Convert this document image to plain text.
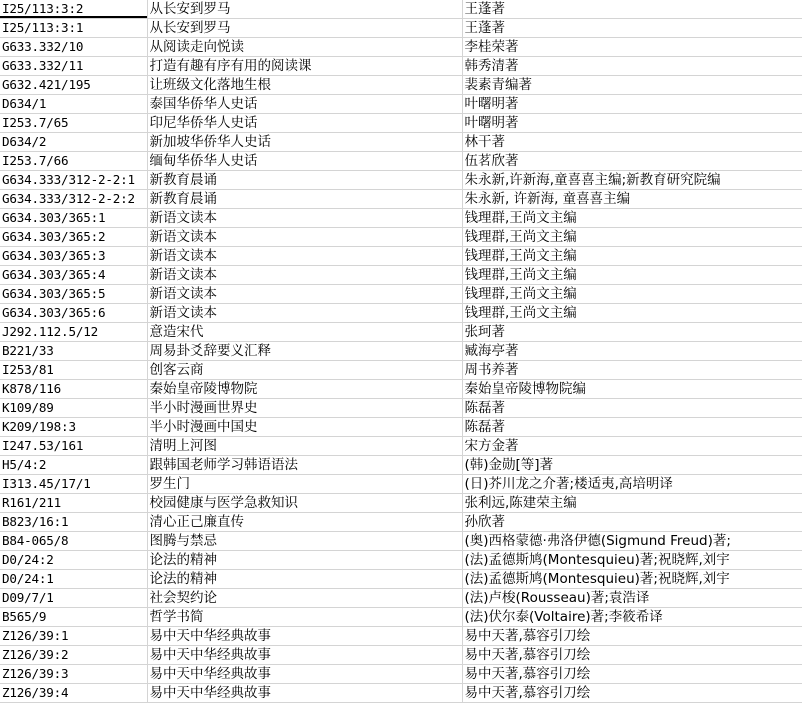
I25/113:3:2	从长安到罗马	王蓬著
I25/113:3:1	从长安到罗马	王蓬著
G633.332/10	从阅读走向悦读	李桂荣著
G633.332/11	打造有趣有序有用的阅读课	韩秀清著
G632.421/195	让班级文化落地生根	裴素青编著
D634/1	泰国华侨华人史话	叶曙明著
I253.7/65	印尼华侨华人史话	叶曙明著
D634/2	新加坡华侨华人史话	林干著
I253.7/66	缅甸华侨华人史话	伍茗欣著
G634.333/312-2-2:1	新教育晨诵	朱永新,许新海,童喜喜主编;新教育研究院编
G634.333/312-2-2:2	新教育晨诵	朱永新, 许新海, 童喜喜主编
G634.303/365:1	新语文读本	钱理群,王尚文主编
G634.303/365:2	新语文读本	钱理群,王尚文主编
G634.303/365:3	新语文读本	钱理群,王尚文主编
G634.303/365:4	新语文读本	钱理群,王尚文主编
G634.303/365:5	新语文读本	钱理群,王尚文主编
G634.303/365:6	新语文读本	钱理群,王尚文主编
J292.112.5/12	意造宋代	张珂著
B221/33	周易卦爻辞要义汇释	臧海亭著
I253/81	创客云商	周书养著
K878/116	秦始皇帝陵博物院	秦始皇帝陵博物院编
K109/89	半小时漫画世界史	陈磊著
K209/198:3	半小时漫画中国史	陈磊著
I247.53/161	清明上河图	宋方金著
H5/4:2	跟韩国老师学习韩语语法	(韩)金勋[等]著
I313.45/17/1	罗生门	(日)芥川龙之介著;楼适夷,高培明译
R161/211	校园健康与医学急救知识	张利远,陈建荣主编
B823/16:1	清心正己廉直传	孙欣著
B84-065/8	图腾与禁忌	(奥)西格蒙德·弗洛伊德(Sigmund Freud)著;
D0/24:2	论法的精神	(法)孟德斯鸠(Montesquieu)著;祝晓辉,刘宇
D0/24:1	论法的精神	(法)孟德斯鸠(Montesquieu)著;祝晓辉,刘宇
D09/7/1	社会契约论	(法)卢梭(Rousseau)著;袁浩译
B565/9	哲学书简	(法)伏尔泰(Voltaire)著;李筱希译
Z126/39:1	易中天中华经典故事	易中天著,慕容引刀绘
Z126/39:2	易中天中华经典故事	易中天著,慕容引刀绘
Z126/39:3	易中天中华经典故事	易中天著,慕容引刀绘
Z126/39:4	易中天中华经典故事	易中天著,慕容引刀绘
